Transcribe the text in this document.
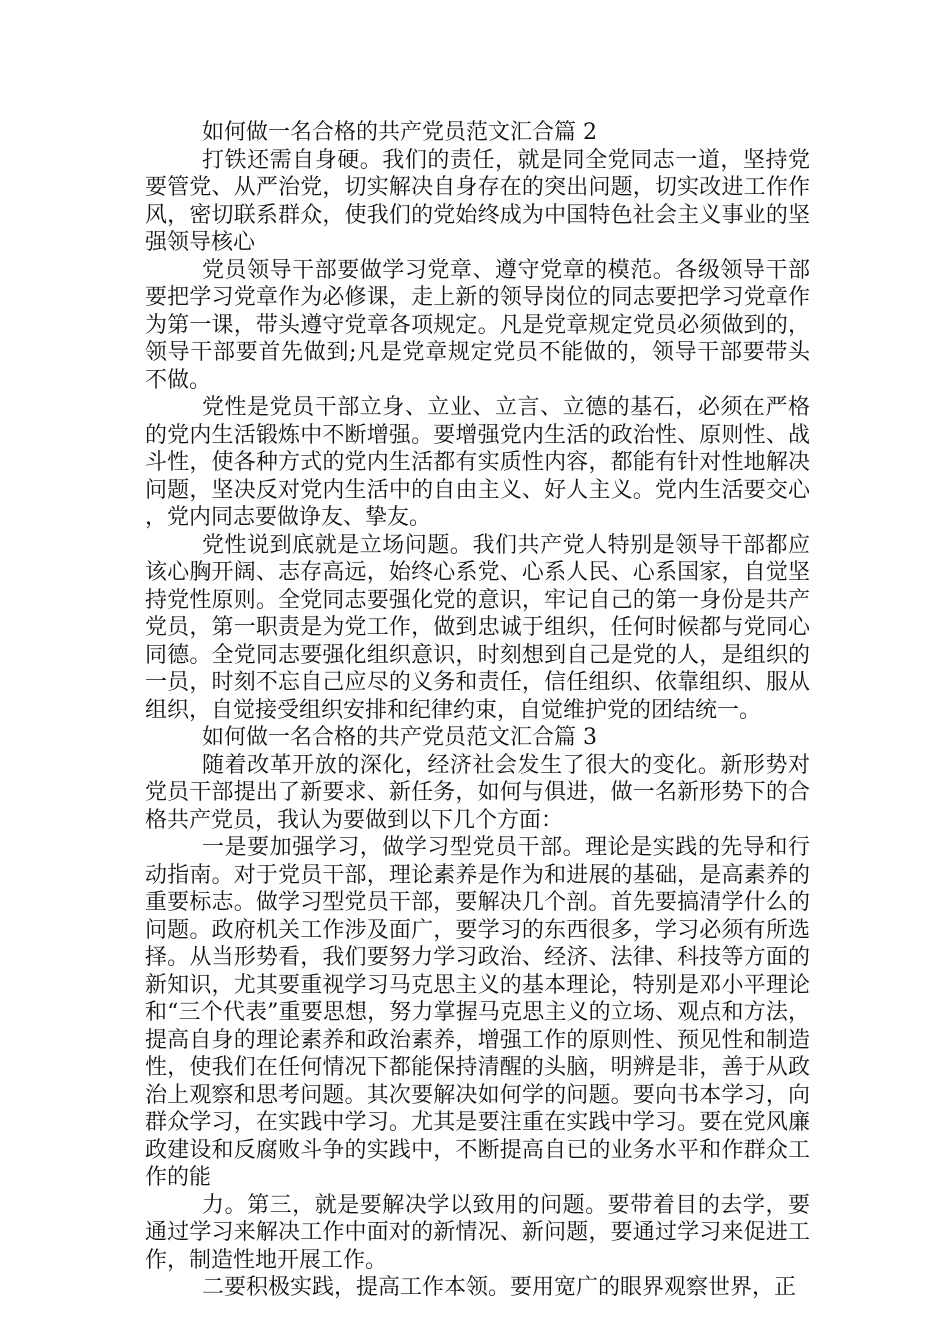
如何做一名合格的共产党员范文汇合篇 2

打铁还需自身硬。我们的责任，就是同全党同志一道，坚持党要管党、从严治党，切实解决自身存在的突出问题，切实改进工作作风，密切联系群众，使我们的党始终成为中国特色社会主义事业的坚强领导核心

党员领导干部要做学习党章、遵守党章的模范。各级领导干部要把学习党章作为必修课，走上新的领导岗位的同志要把学习党章作为第一课，带头遵守党章各项规定。凡是党章规定党员必须做到的，领导干部要首先做到;凡是党章规定党员不能做的，领导干部要带头不做。

党性是党员干部立身、立业、立言、立德的基石，必须在严格的党内生活锻炼中不断增强。要增强党内生活的政治性、原则性、战斗性，使各种方式的党内生活都有实质性内容，都能有针对性地解决问题，坚决反对党内生活中的自由主义、好人主义。党内生活要交心，党内同志要做诤友、挚友。

党性说到底就是立场问题。我们共产党人特别是领导干部都应该心胸开阔、志存高远，始终心系党、心系人民、心系国家，自觉坚持党性原则。全党同志要强化党的意识，牢记自己的第一身份是共产党员，第一职责是为党工作，做到忠诚于组织，任何时候都与党同心同德。全党同志要强化组织意识，时刻想到自己是党的人，是组织的一员，时刻不忘自己应尽的义务和责任，信任组织、依靠组织、服从组织，自觉接受组织安排和纪律约束，自觉维护党的团结统一。

如何做一名合格的共产党员范文汇合篇 3

随着改革开放的深化，经济社会发生了很大的变化。新形势对党员干部提出了新要求、新任务，如何与俱进，做一名新形势下的合格共产党员，我认为要做到以下几个方面：

一是要加强学习，做学习型党员干部。理论是实践的先导和行动指南。对于党员干部，理论素养是作为和进展的基础，是高素养的重要标志。做学习型党员干部，要解决几个剖。首先要搞清学什么的问题。政府机关工作涉及面广，要学习的东西很多，学习必须有所选择。从当形势看，我们要努力学习政治、经济、法律、科技等方面的新知识，尤其要重视学习马克思主义的基本理论，特别是邓小平理论和“三个代表”重要思想，努力掌握马克思主义的立场、观点和方法，提高自身的理论素养和政治素养，增强工作的原则性、预见性和制造性，使我们在任何情况下都能保持清醒的头脑，明辨是非，善于从政治上观察和思考问题。其次要解决如何学的问题。要向书本学习，向群众学习，在实践中学习。尤其是要注重在实践中学习。要在党风廉政建设和反腐败斗争的实践中，不断提高自已的业务水平和作群众工作的能

力。第三，就是要解决学以致用的问题。要带着目的去学，要通过学习来解决工作中面对的新情况、新问题，要通过学习来促进工作，制造性地开展工作。

二要积极实践，提高工作本领。要用宽广的眼界观察世界，正
